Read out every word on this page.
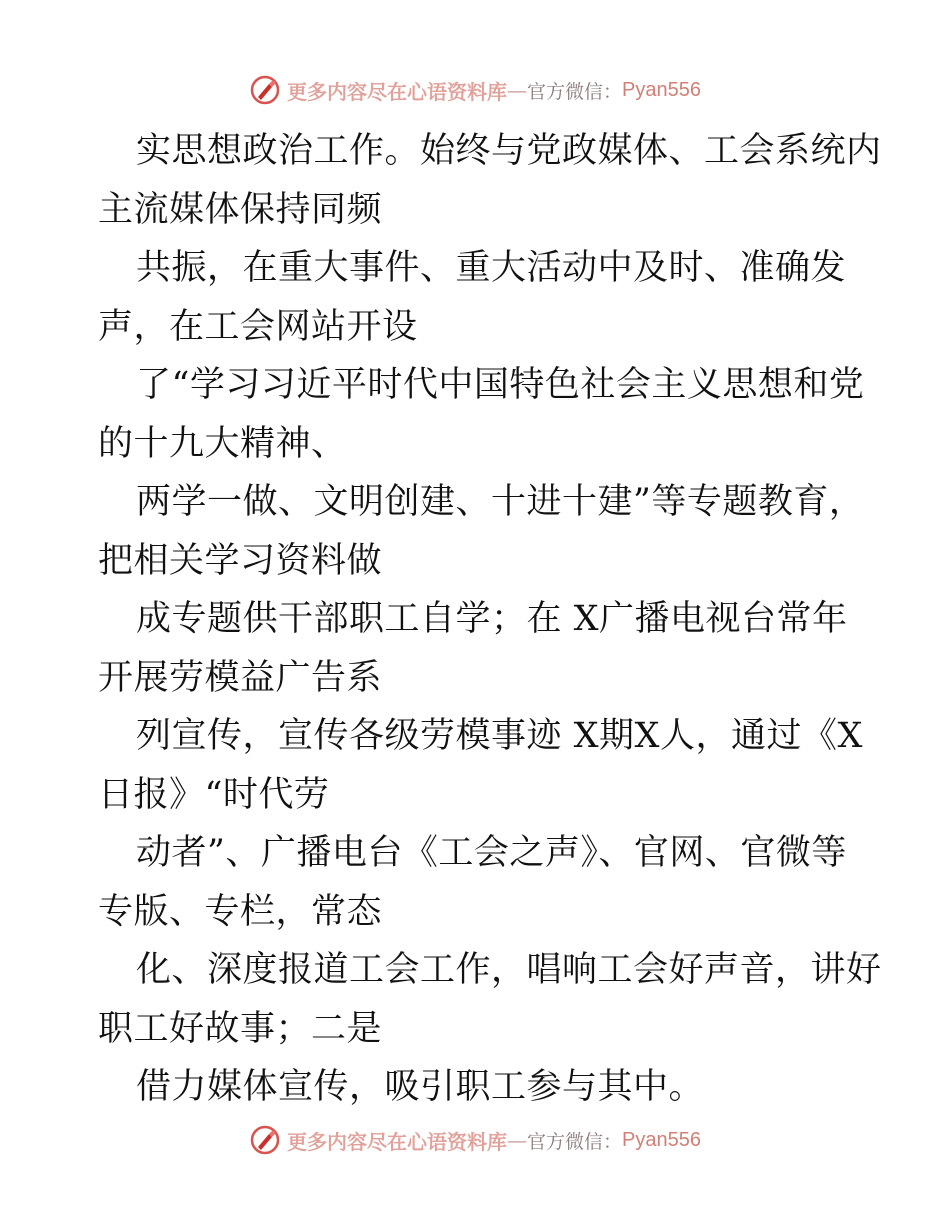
更多内容尽在心语资料库 — 官方微信： Pyan556
实思想政治工作。始终与党政媒体、工会系统内
主流媒体保持同频
共振，在重大事件、重大活动中及时、准确发
声，在工会网站开设
了“学习习近平时代中国特色社会主义思想和党
的十九大精神、
两学一做、文明创建、十进十建”等专题教育，
把相关学习资料做
成专题供干部职工自学；在 X广播电视台常年
开展劳模益广告系
列宣传，宣传各级劳模事迹 X期X人，通过《X
日报》“时代劳
动者”、广播电台《工会之声》、官网、官微等
专版、专栏，常态
化、深度报道工会工作，唱响工会好声音，讲好
职工好故事；二是
借力媒体宣传，吸引职工参与其中。
更多内容尽在心语资料库 — 官方微信： Pyan556
